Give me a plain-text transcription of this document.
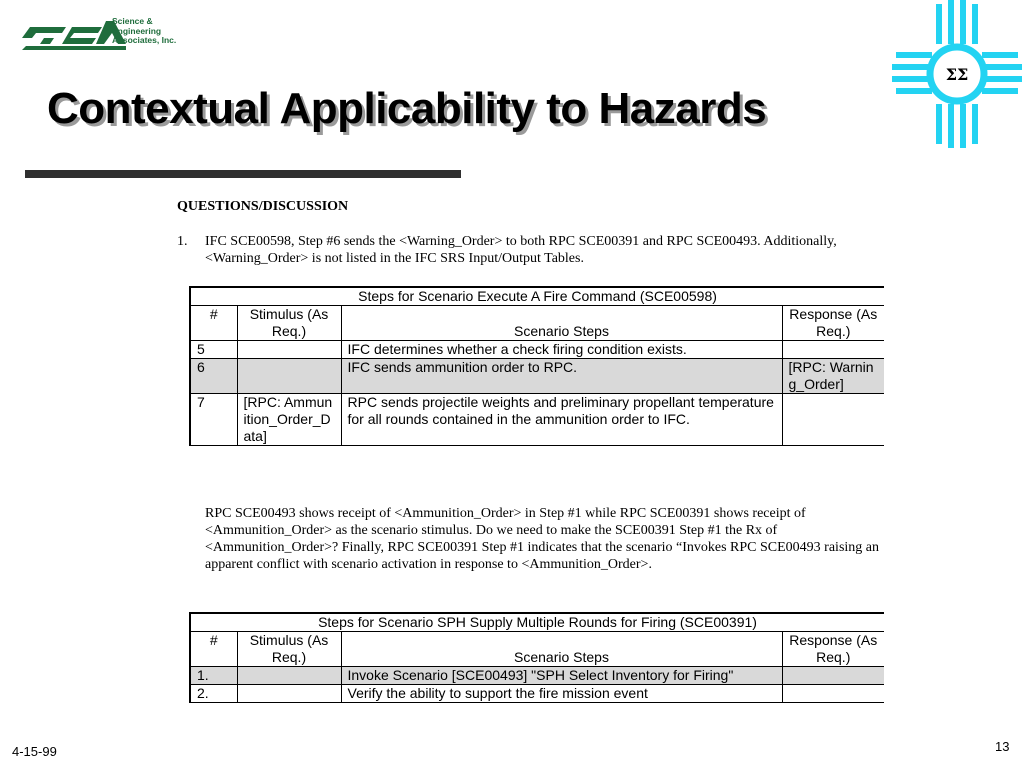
Science &
Engineering
Associates, Inc.
ΣΣ
Contextual Applicability to Hazards
QUESTIONS/DISCUSSION
1. IFC SCE00598, Step #6 sends the <Warning_Order> to both RPC SCE00391 and RPC SCE00493. Additionally, <Warning_Order> is not listed in the IFC SRS Input/Output Tables.
Steps for Scenario Execute A Fire Command (SCE00598)			
#	Stimulus (As Req.)	Scenario Steps	Response (As Req.)
5		IFC determines whether a check firing condition exists.	
6		IFC sends ammunition order to RPC.	[RPC: Warning_Order]
7	[RPC: Ammunition_Order_Data]	RPC sends projectile weights and preliminary propellant temperature for all rounds contained in the ammunition order to IFC.	
RPC SCE00493 shows receipt of <Ammunition_Order> in Step #1 while RPC SCE00391 shows receipt of <Ammunition_Order> as the scenario stimulus. Do we need to make the SCE00391 Step #1 the Rx of <Ammunition_Order>? Finally, RPC SCE00391 Step #1 indicates that the scenario “Invokes RPC SCE00493 raising an apparent conflict with scenario activation in response to <Ammunition_Order>.
Steps for Scenario SPH Supply Multiple Rounds for Firing (SCE00391)			
#	Stimulus (As Req.)	Scenario Steps	Response (As Req.)
1.		Invoke Scenario [SCE00493] "SPH Select Inventory for Firing"	
2.		Verify the ability to support the fire mission event	
4-15-99	13
